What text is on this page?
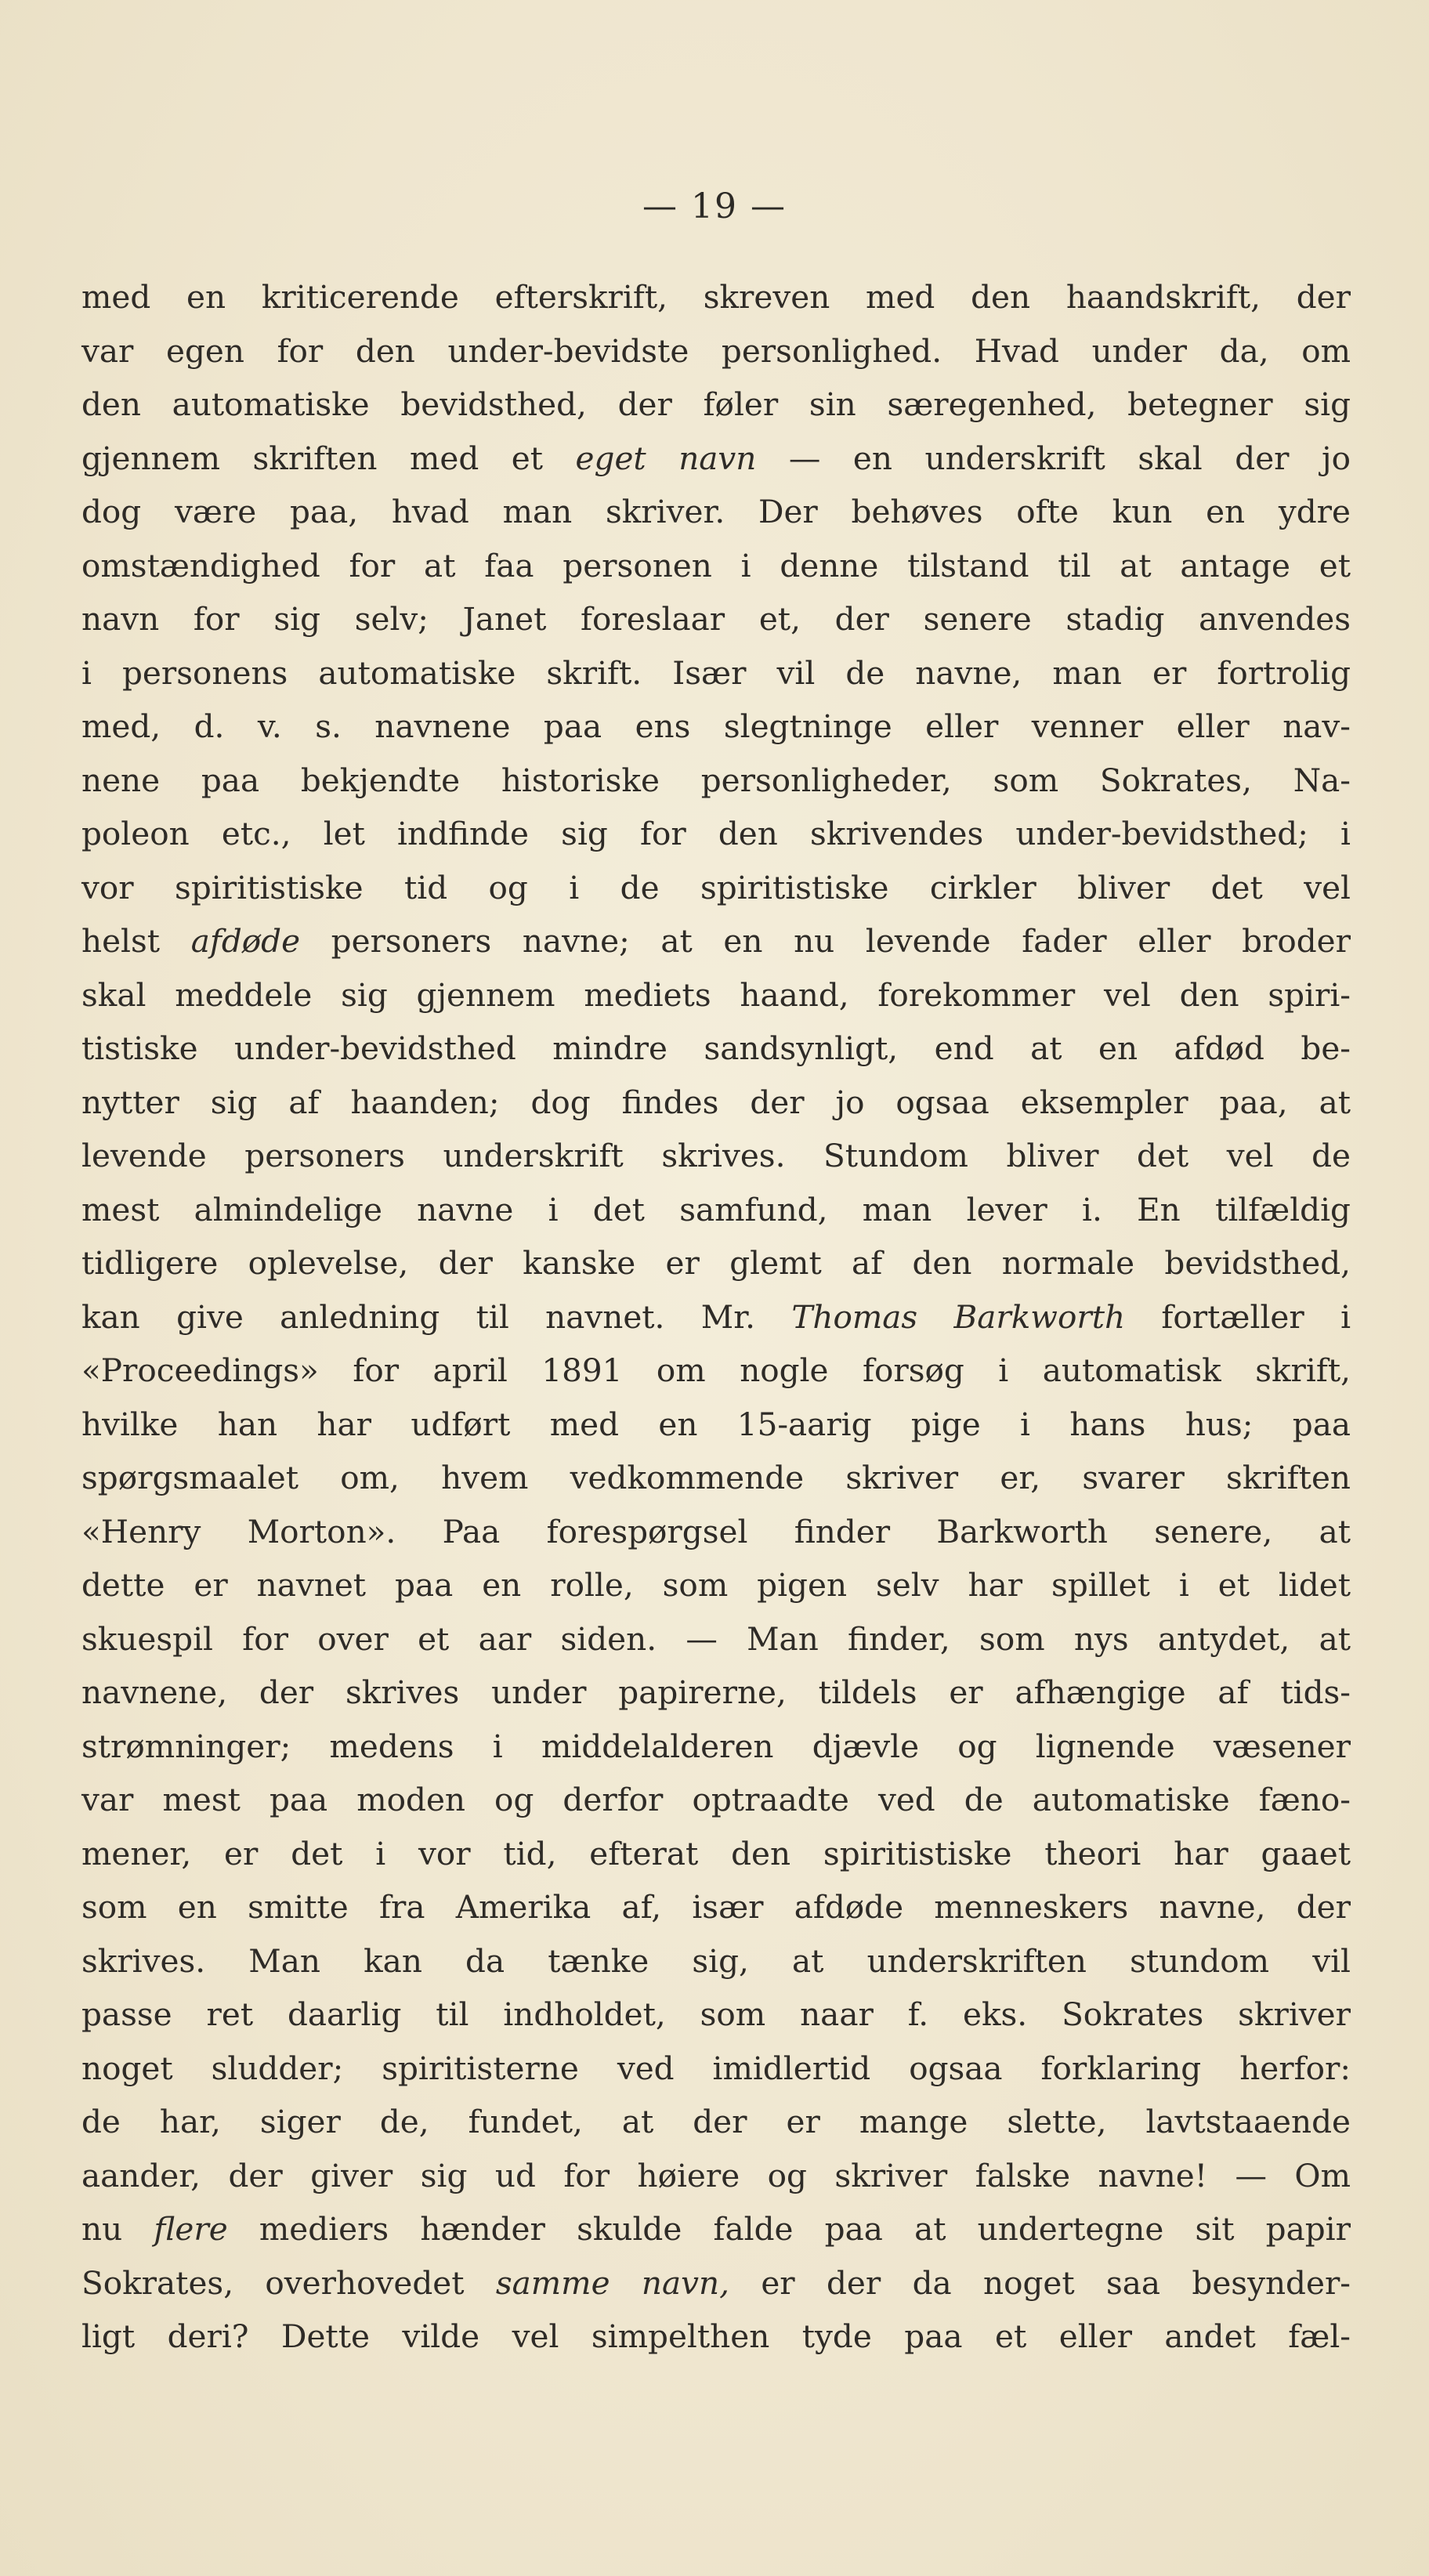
— 19 —
med en kriticerende efterskrift, skreven med den haandskrift, der
var egen for den under-bevidste personlighed. Hvad under da, om
den automatiske bevidsthed, der føler sin særegenhed, betegner sig
gjennem skriften med et eget navn — en underskrift skal der jo
dog være paa, hvad man skriver. Der behøves ofte kun en ydre
omstændighed for at faa personen i denne tilstand til at antage et
navn for sig selv; Janet foreslaar et, der senere stadig anvendes
i personens automatiske skrift. Især vil de navne, man er fortrolig
med, d. v. s. navnene paa ens slegtninge eller venner eller nav-
nene paa bekjendte historiske personligheder, som Sokrates, Na-
poleon etc., let indfinde sig for den skrivendes under-bevidsthed; i
vor spiritistiske tid og i de spiritistiske cirkler bliver det vel
helst afdøde personers navne; at en nu levende fader eller broder
skal meddele sig gjennem mediets haand, forekommer vel den spiri-
tistiske under-bevidsthed mindre sandsynligt, end at en afdød be-
nytter sig af haanden; dog findes der jo ogsaa eksempler paa, at
levende personers underskrift skrives. Stundom bliver det vel de
mest almindelige navne i det samfund, man lever i. En tilfældig
tidligere oplevelse, der kanske er glemt af den normale bevidsthed,
kan give anledning til navnet. Mr. Thomas Barkworth fortæller i
«Proceedings» for april 1891 om nogle forsøg i automatisk skrift,
hvilke han har udført med en 15-aarig pige i hans hus; paa
spørgsmaalet om, hvem vedkommende skriver er, svarer skriften
«Henry Morton». Paa forespørgsel finder Barkworth senere, at
dette er navnet paa en rolle, som pigen selv har spillet i et lidet
skuespil for over et aar siden. — Man finder, som nys antydet, at
navnene, der skrives under papirerne, tildels er afhængige af tids-
strømninger; medens i middelalderen djævle og lignende væsener
var mest paa moden og derfor optraadte ved de automatiske fæno-
mener, er det i vor tid, efterat den spiritistiske theori har gaaet
som en smitte fra Amerika af, især afdøde menneskers navne, der
skrives. Man kan da tænke sig, at underskriften stundom vil
passe ret daarlig til indholdet, som naar f. eks. Sokrates skriver
noget sludder; spiritisterne ved imidlertid ogsaa forklaring herfor:
de har, siger de, fundet, at der er mange slette, lavtstaaende
aander, der giver sig ud for høiere og skriver falske navne! — Om
nu flere mediers hænder skulde falde paa at undertegne sit papir
Sokrates, overhovedet samme navn, er der da noget saa besynder-
ligt deri? Dette vilde vel simpelthen tyde paa et eller andet fæl-
